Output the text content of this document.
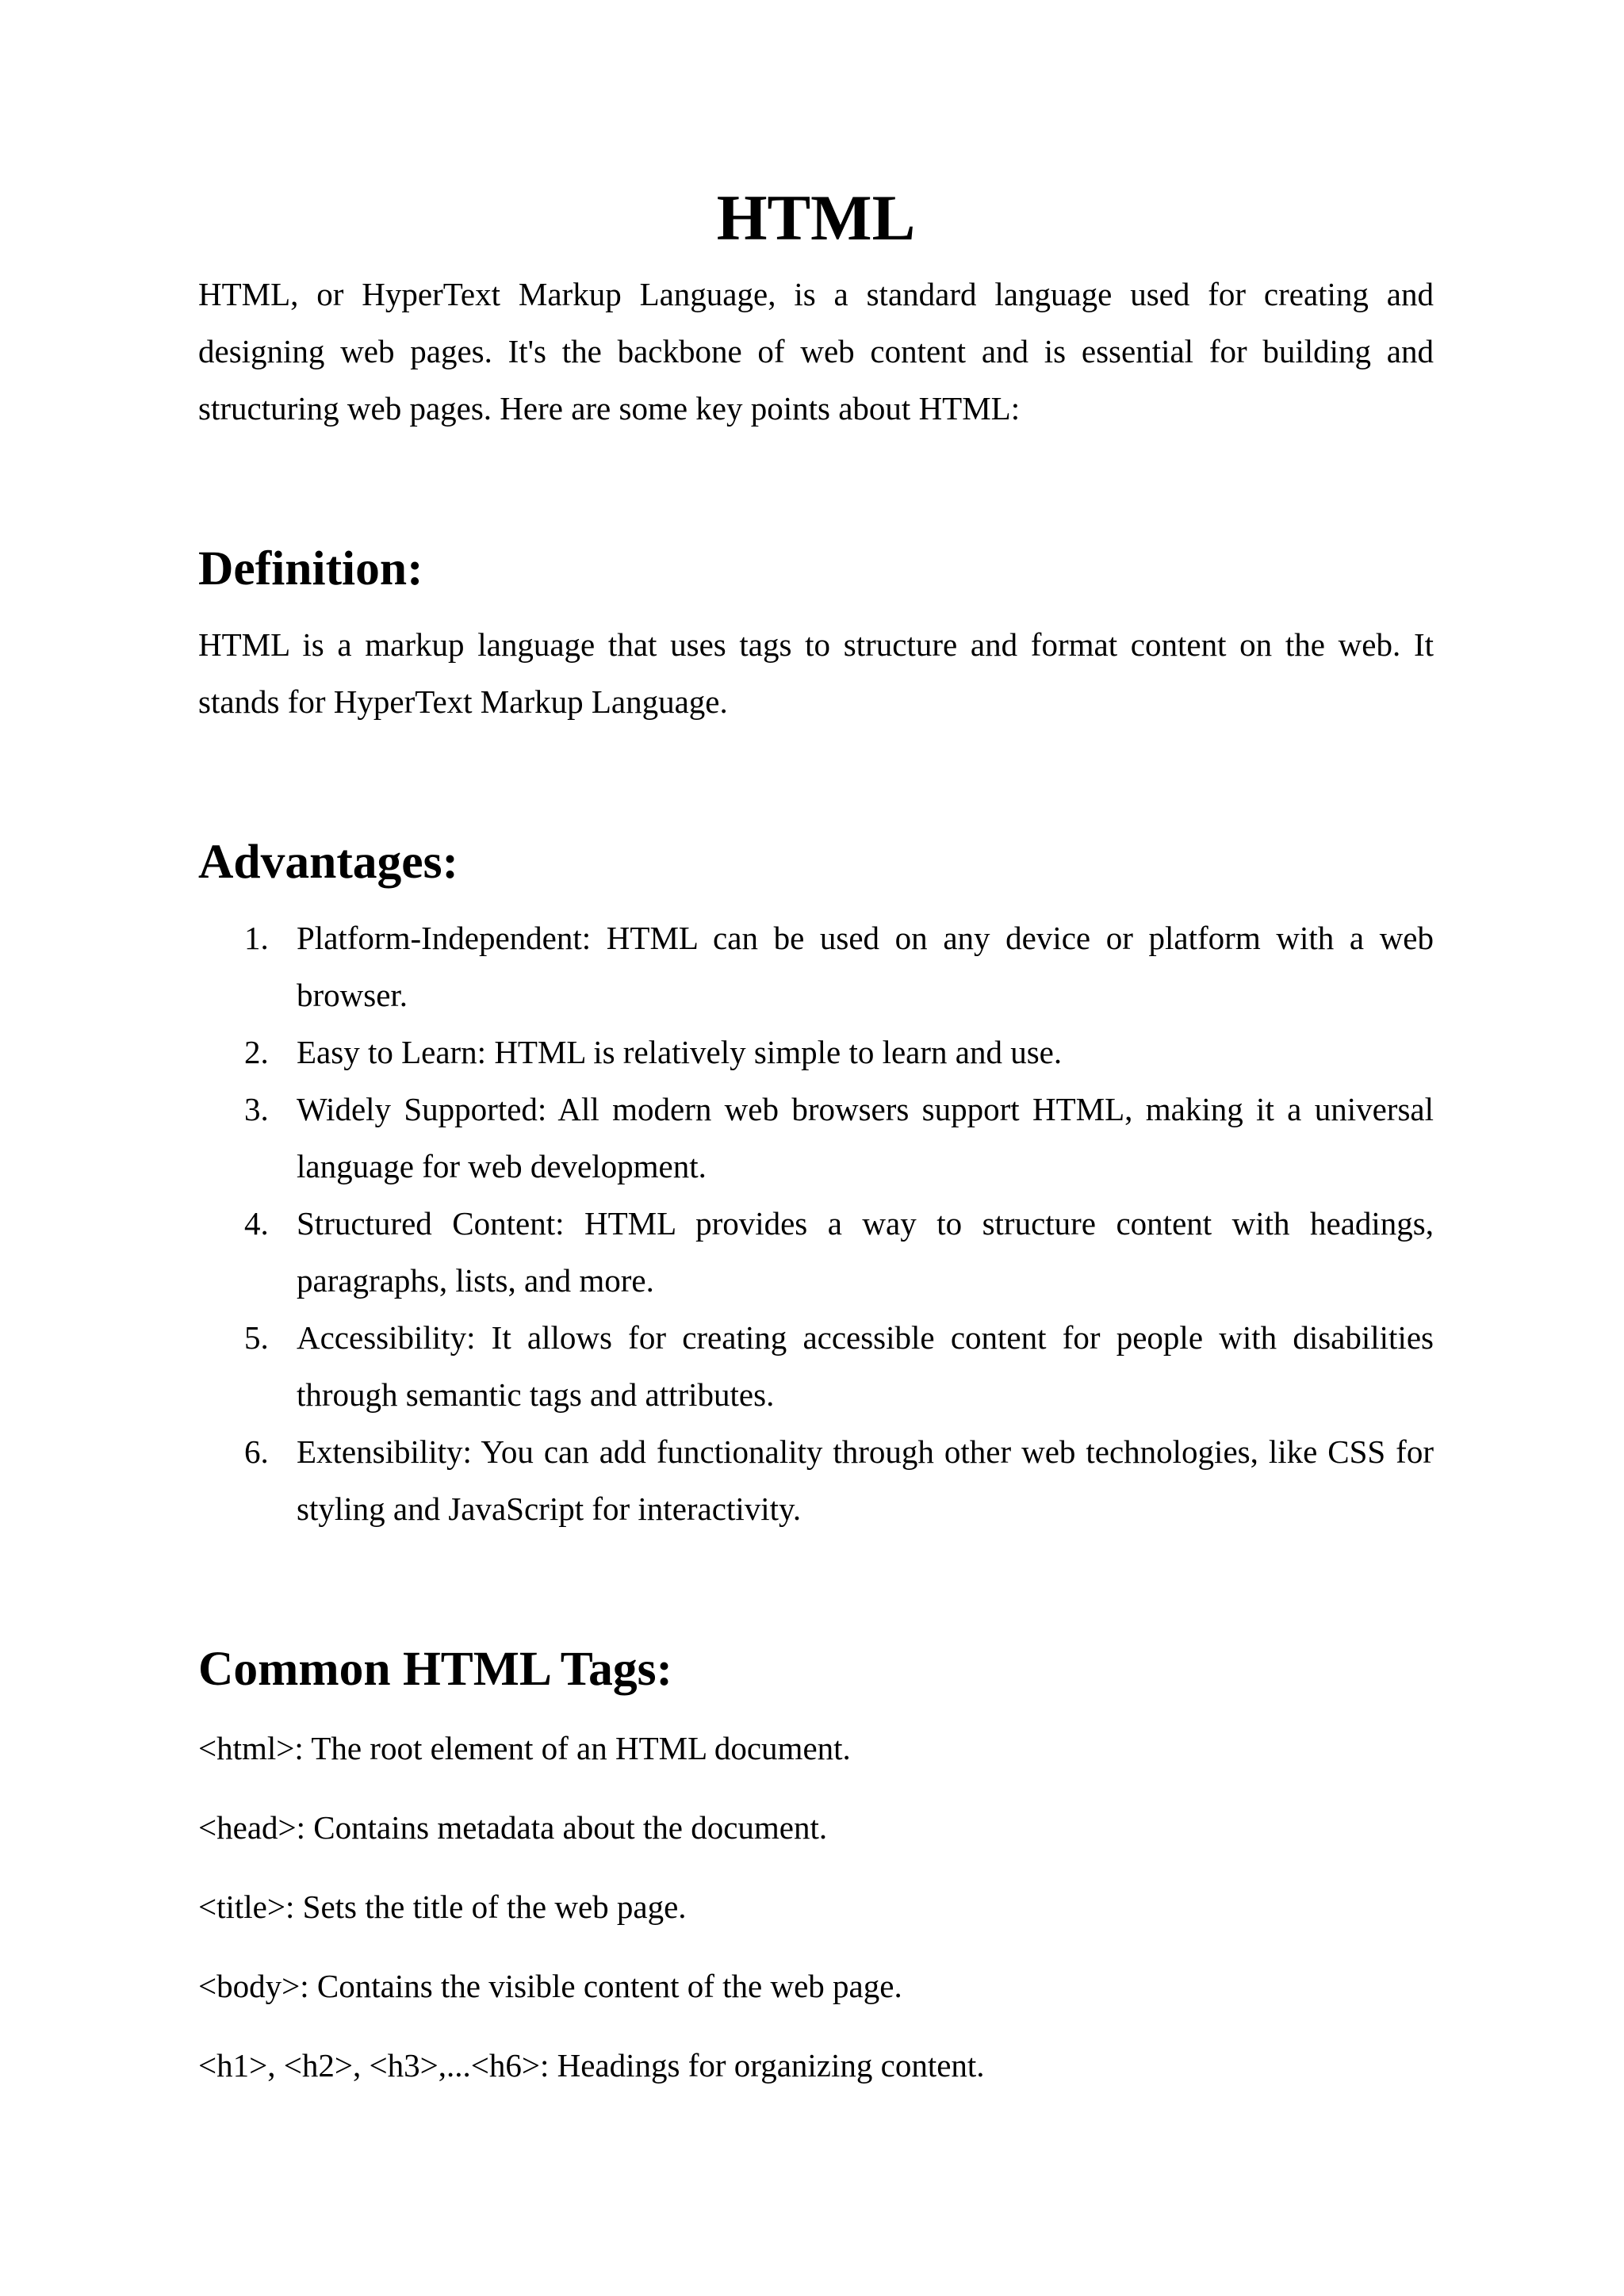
HTML

HTML, or HyperText Markup Language, is a standard language used for creating and designing web pages. It's the backbone of web content and is essential for building and structuring web pages. Here are some key points about HTML:

Definition:

HTML is a markup language that uses tags to structure and format content on the web. It stands for HyperText Markup Language.

Advantages:
1. Platform-Independent: HTML can be used on any device or platform with a web browser.
2. Easy to Learn: HTML is relatively simple to learn and use.
3. Widely Supported: All modern web browsers support HTML, making it a universal language for web development.
4. Structured Content: HTML provides a way to structure content with headings, paragraphs, lists, and more.
5. Accessibility: It allows for creating accessible content for people with disabilities through semantic tags and attributes.
6. Extensibility: You can add functionality through other web technologies, like CSS for styling and JavaScript for interactivity.
Common HTML Tags:

<html>: The root element of an HTML document.

<head>: Contains metadata about the document.

<title>: Sets the title of the web page.

<body>: Contains the visible content of the web page.

<h1>, <h2>, <h3>,...<h6>: Headings for organizing content.
